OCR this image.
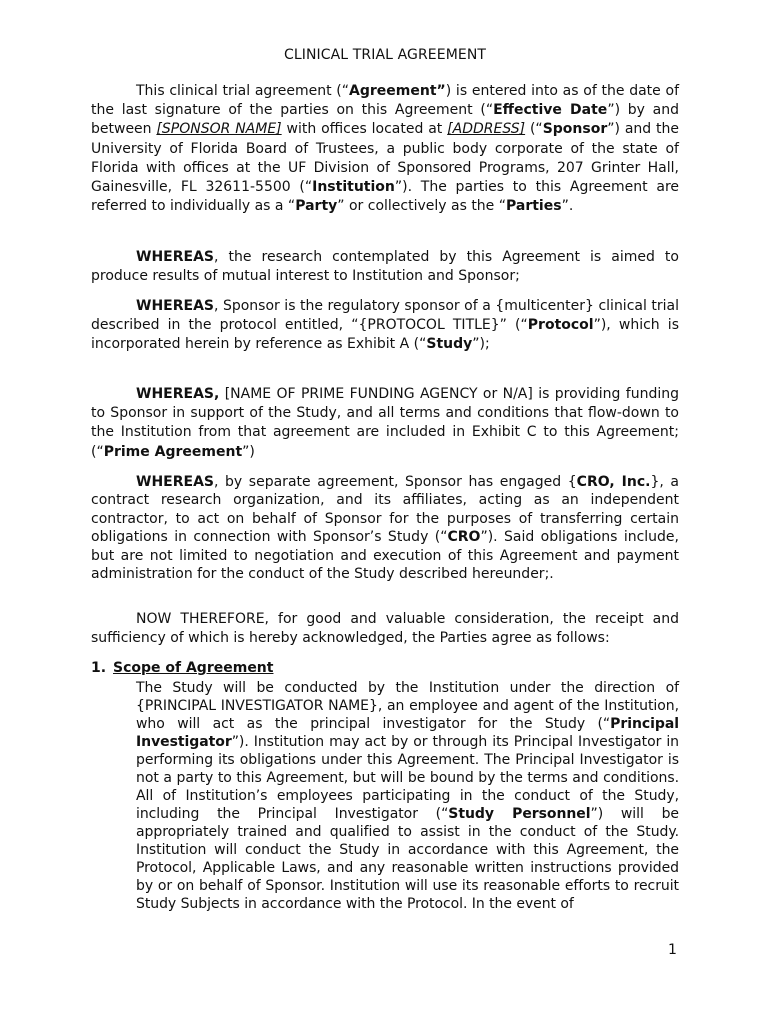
CLINICAL TRIAL AGREEMENT

This clinical trial agreement (“Agreement”) is entered into as of the date of the last signature of the parties on this Agreement (“Effective Date”) by and between [SPONSOR NAME] with offices located at [ADDRESS] (“Sponsor”) and the University of Florida Board of Trustees, a public body corporate of the state of Florida with offices at the UF Division of Sponsored Programs, 207 Grinter Hall, Gainesville, FL 32611-5500 (“Institution”). The parties to this Agreement are referred to individually as a “Party” or collectively as the “Parties”.

WHEREAS, the research contemplated by this Agreement is aimed to produce results of mutual interest to Institution and Sponsor;

WHEREAS, Sponsor is the regulatory sponsor of a {multicenter} clinical trial described in the protocol entitled, “{PROTOCOL TITLE}” (“Protocol”), which is incorporated herein by reference as Exhibit A (“Study”);

WHEREAS, [NAME OF PRIME FUNDING AGENCY or N/A] is providing funding to Sponsor in support of the Study, and all terms and conditions that flow-down to the Institution from that agreement are included in Exhibit C to this Agreement; (“Prime Agreement”)

WHEREAS, by separate agreement, Sponsor has engaged {CRO, Inc.}, a contract research organization, and its affiliates, acting as an independent contractor, to act on behalf of Sponsor for the purposes of transferring certain obligations in connection with Sponsor’s Study (“CRO”). Said obligations include, but are not limited to negotiation and execution of this Agreement and payment administration for the conduct of the Study described hereunder;.

NOW THEREFORE, for good and valuable consideration, the receipt and sufficiency of which is hereby acknowledged, the Parties agree as follows:

1. Scope of Agreement

The Study will be conducted by the Institution under the direction of {PRINCIPAL INVESTIGATOR NAME}, an employee and agent of the Institution, who will act as the principal investigator for the Study (“Principal Investigator”). Institution may act by or through its Principal Investigator in performing its obligations under this Agreement. The Principal Investigator is not a party to this Agreement, but will be bound by the terms and conditions. All of Institution’s employees participating in the conduct of the Study, including the Principal Investigator (“Study Personnel”) will be appropriately trained and qualified to assist in the conduct of the Study. Institution will conduct the Study in accordance with this Agreement, the Protocol, Applicable Laws, and any reasonable written instructions provided by or on behalf of Sponsor. Institution will use its reasonable efforts to recruit Study Subjects in accordance with the Protocol. In the event of

1
